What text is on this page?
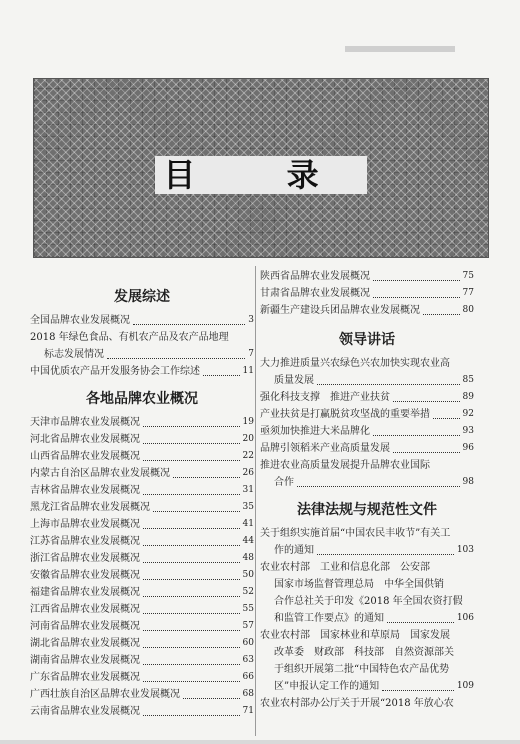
目 录
发展综述
全国品牌农业发展概况	3
2018 年绿色食品、有机农产品及农产品地理
标志发展情况	7
中国优质农产品开发服务协会工作综述	11
各地品牌农业概况
天津市品牌农业发展概况	19
河北省品牌农业发展概况	20
山西省品牌农业发展概况	22
内蒙古自治区品牌农业发展概况	26
吉林省品牌农业发展概况	31
黑龙江省品牌农业发展概况	35
上海市品牌农业发展概况	41
江苏省品牌农业发展概况	44
浙江省品牌农业发展概况	48
安徽省品牌农业发展概况	50
福建省品牌农业发展概况	52
江西省品牌农业发展概况	55
河南省品牌农业发展概况	57
湖北省品牌农业发展概况	60
湖南省品牌农业发展概况	63
广东省品牌农业发展概况	66
广西壮族自治区品牌农业发展概况	68
云南省品牌农业发展概况	71
陕西省品牌农业发展概况	75
甘肃省品牌农业发展概况	77
新疆生产建设兵团品牌农业发展概况	80
领导讲话
大力推进质量兴农绿色兴农加快实现农业高
质量发展	85
强化科技支撑　推进产业扶贫	89
产业扶贫是打赢脱贫攻坚战的重要举措	92
亟须加快推进大米品牌化	93
品牌引领稻米产业高质量发展	96
推进农业高质量发展提升品牌农业国际
合作	98
法律法规与规范性文件
关于组织实施首届“中国农民丰收节”有关工
作的通知	103
农业农村部　工业和信息化部　公安部
国家市场监督管理总局　中华全国供销
合作总社关于印发《2018 年全国农资打假
和监管工作要点》的通知	106
农业农村部　国家林业和草原局　国家发展
改革委　财政部　科技部　自然资源部关
于组织开展第二批“中国特色农产品优势
区”申报认定工作的通知	109
农业农村部办公厅关于开展“2018 年放心农
